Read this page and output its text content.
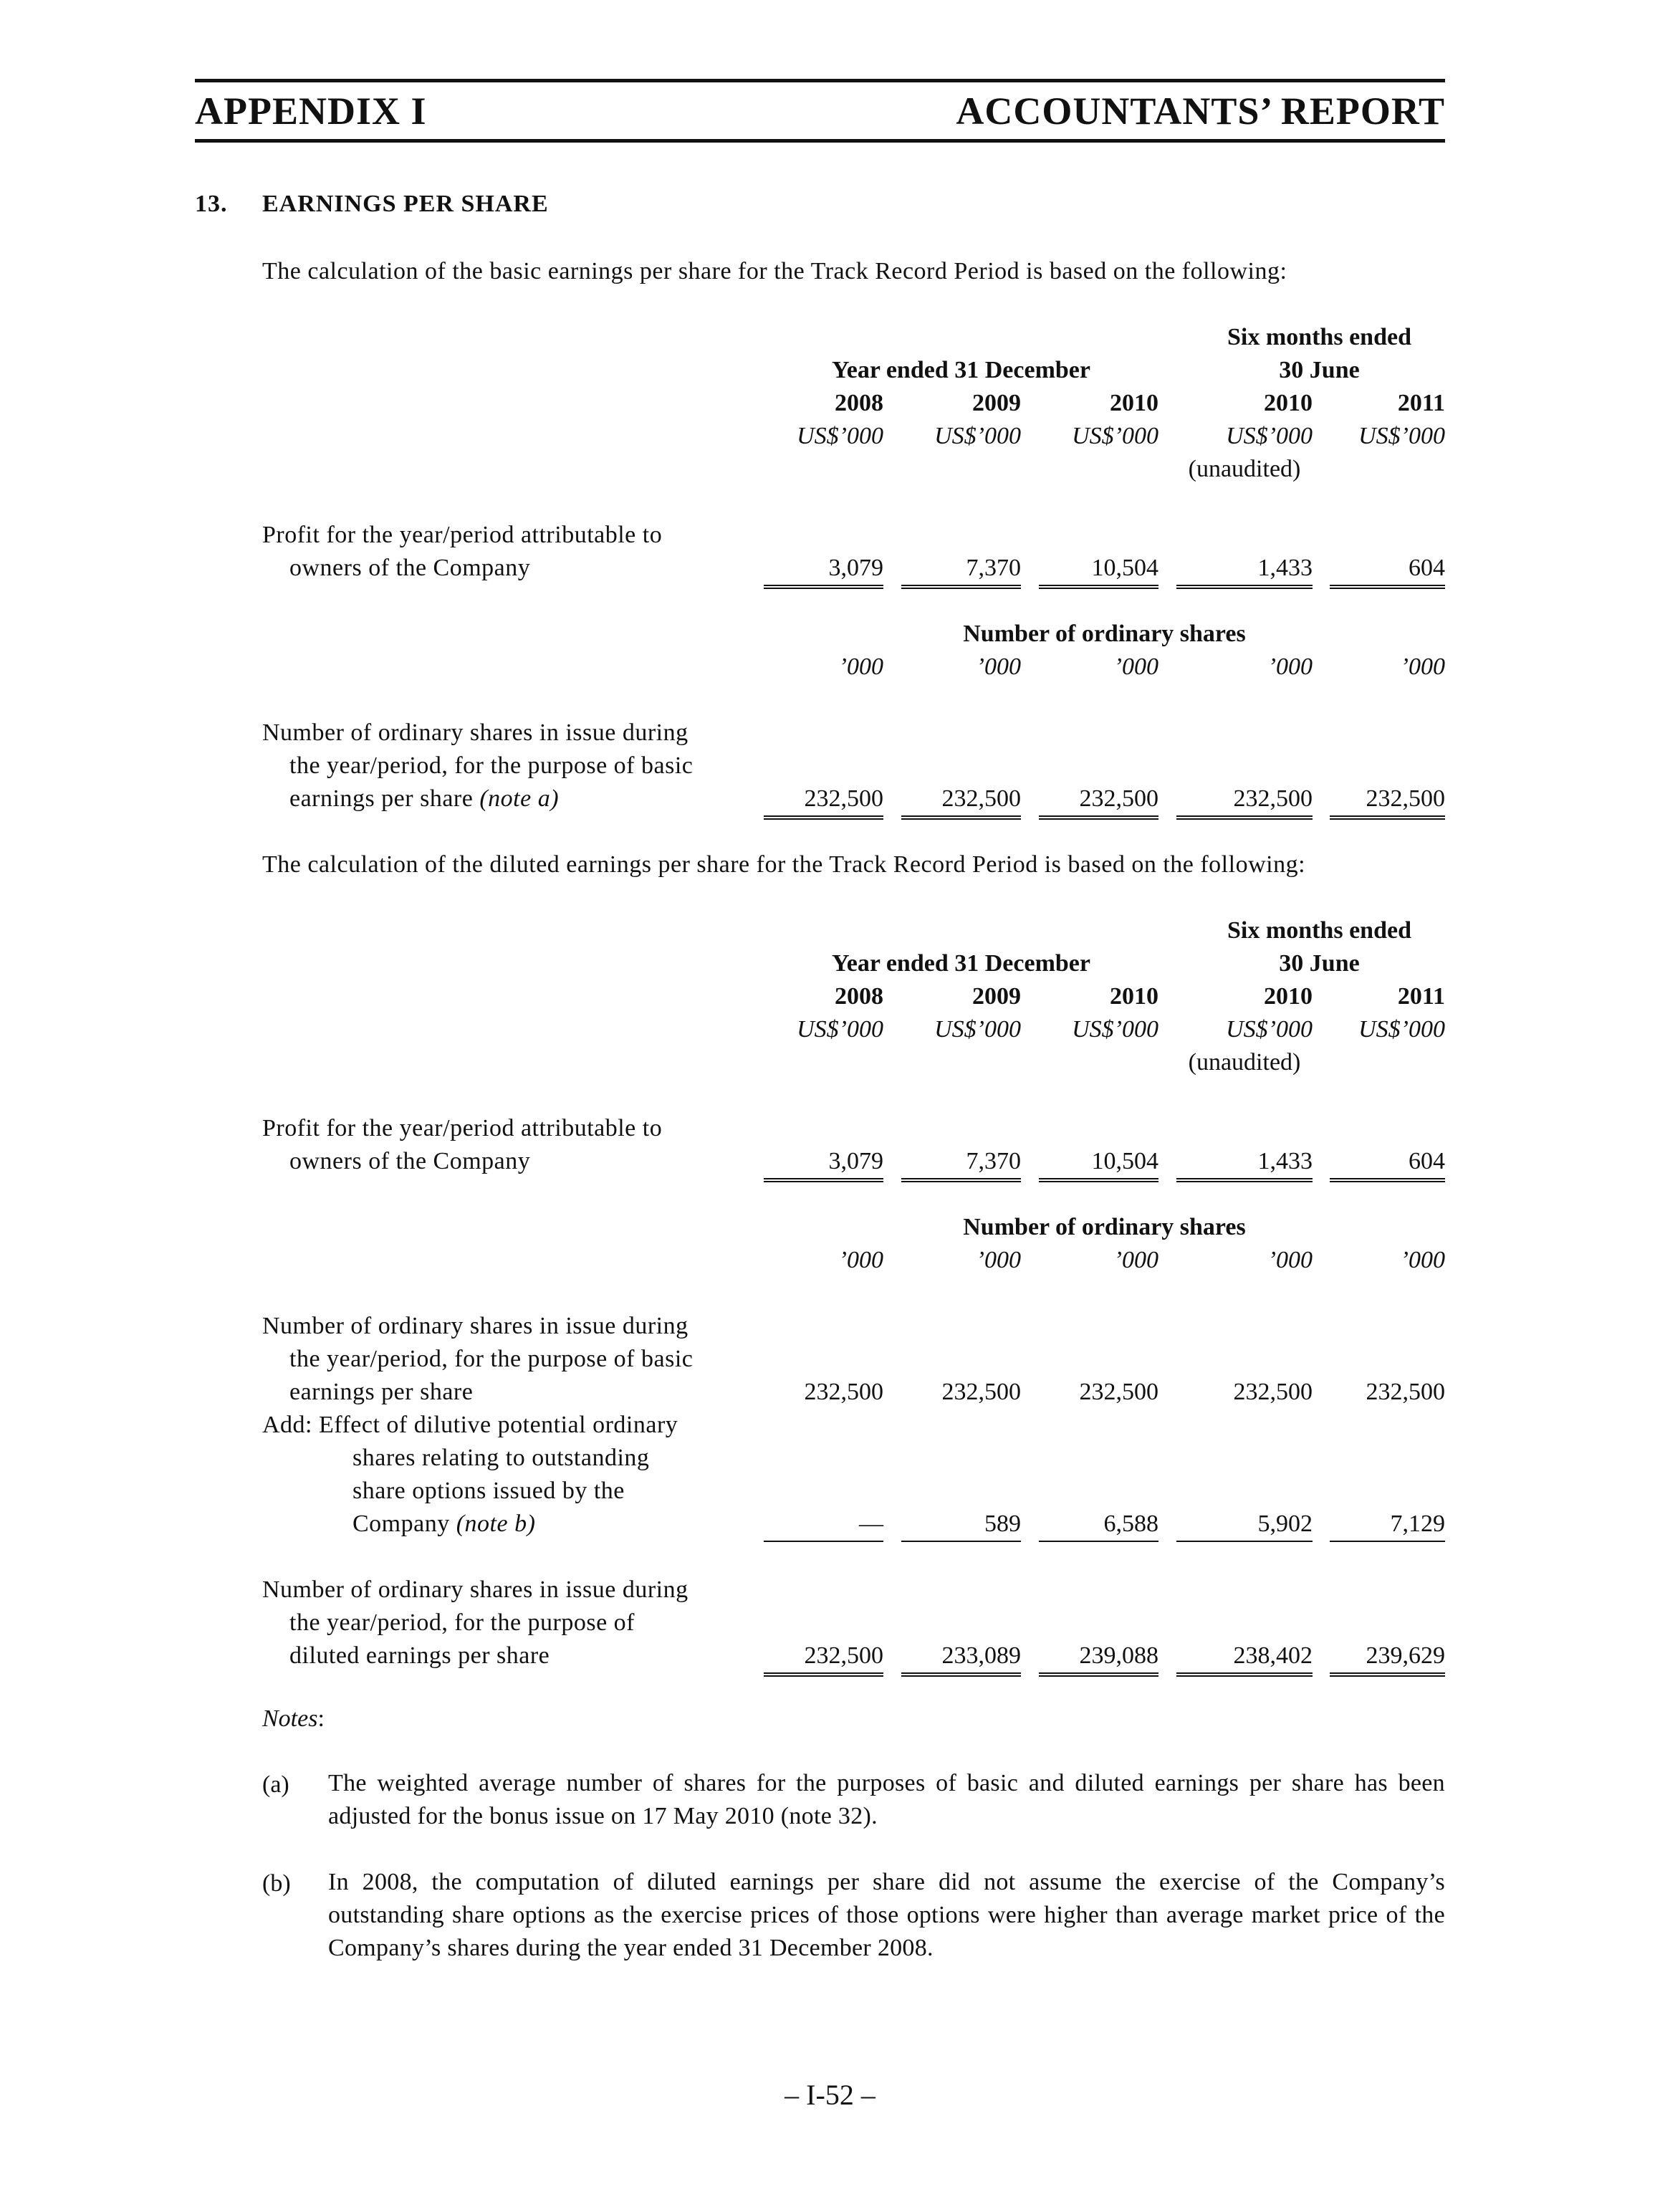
APPENDIX I	ACCOUNTANTS’ REPORT
13. EARNINGS PER SHARE
The calculation of the basic earnings per share for the Track Record Period is based on the following:
Six months ended
Year ended 31 December	30 June
2008	2009	2010	2010	2011
US$’000	US$’000	US$’000	US$’000	US$’000
(unaudited)
Profit for the year/period attributable to
owners of the Company	3,079	7,370	10,504	1,433	604
Number of ordinary shares
’000	’000	’000	’000	’000
Number of ordinary shares in issue during
the year/period, for the purpose of basic
earnings per share (note a)	232,500	232,500	232,500	232,500	232,500
The calculation of the diluted earnings per share for the Track Record Period is based on the following:
Six months ended
Year ended 31 December	30 June
2008	2009	2010	2010	2011
US$’000	US$’000	US$’000	US$’000	US$’000
(unaudited)
Profit for the year/period attributable to
owners of the Company	3,079	7,370	10,504	1,433	604
Number of ordinary shares
’000	’000	’000	’000	’000
Number of ordinary shares in issue during
the year/period, for the purpose of basic
earnings per share	232,500	232,500	232,500	232,500	232,500
Add: Effect of dilutive potential ordinary
shares relating to outstanding
share options issued by the
Company (note b)	—	589	6,588	5,902	7,129
Number of ordinary shares in issue during
the year/period, for the purpose of
diluted earnings per share	232,500	233,089	239,088	238,402	239,629
Notes:
(a) The weighted average number of shares for the purposes of basic and diluted earnings per share has been adjusted for the bonus issue on 17 May 2010 (note 32).
(b) In 2008, the computation of diluted earnings per share did not assume the exercise of the Company’s outstanding share options as the exercise prices of those options were higher than average market price of the Company’s shares during the year ended 31 December 2008.
– I-52 –
